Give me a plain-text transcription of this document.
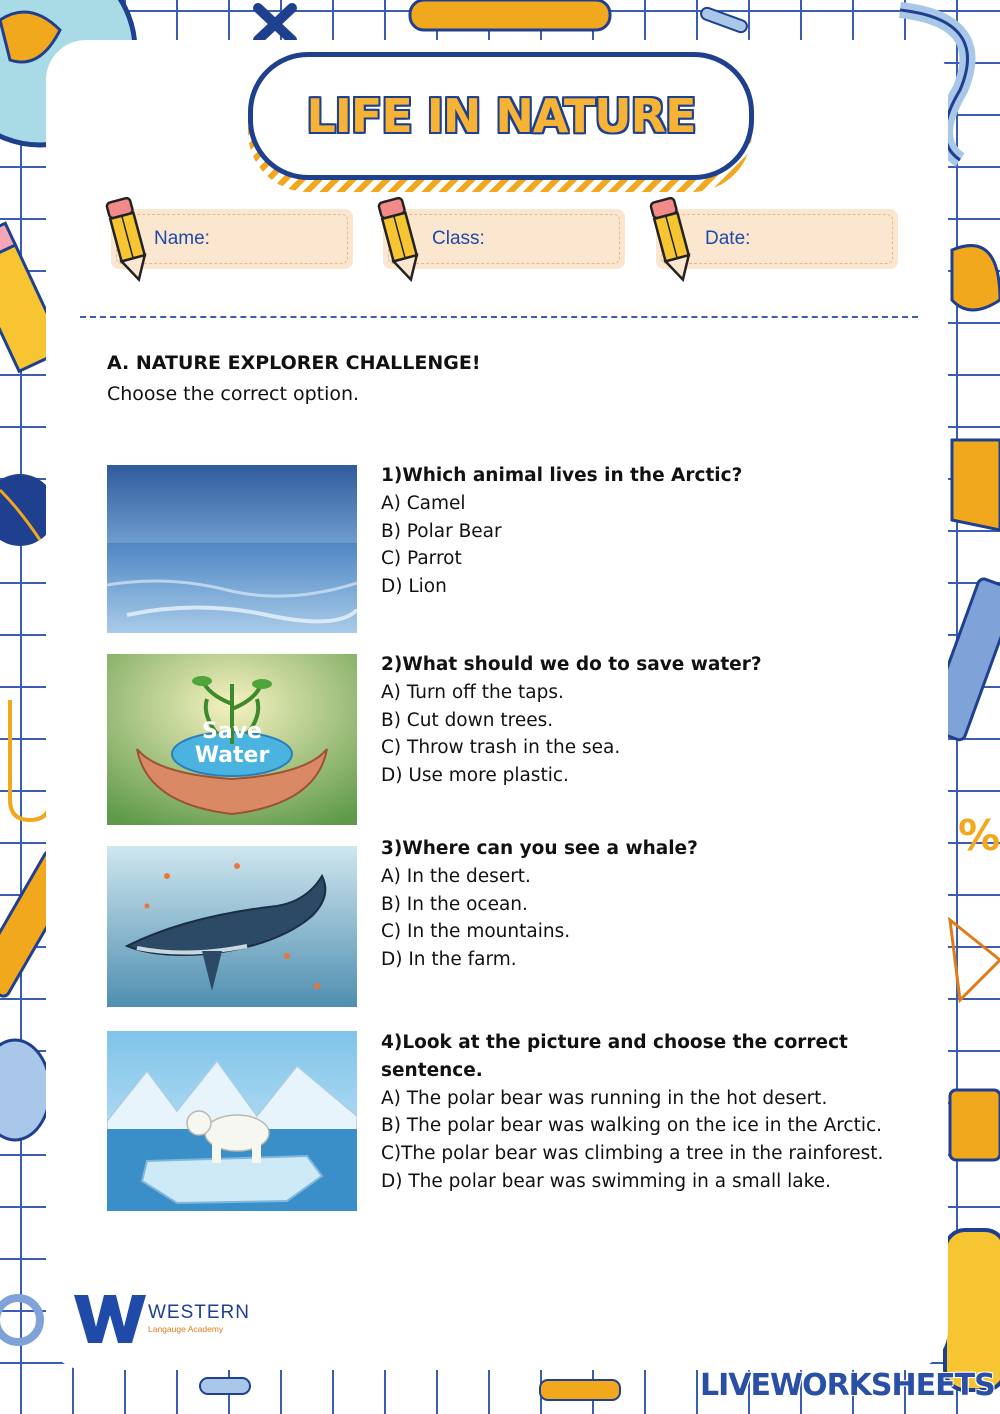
%
LIFE IN NATURE
Name:	Class:	Date:
A. NATURE EXPLORER CHALLENGE!
Choose the correct option.
Save
Water
1)Which animal lives in the Arctic?
A) Camel
B) Polar Bear
C) Parrot
D) Lion
2)What should we do to save water?
A) Turn off the taps.
B) Cut down trees.
C) Throw trash in the sea.
D) Use more plastic.
3)Where can you see a whale?
A) In the desert.
B) In the ocean.
C) In the mountains.
D) In the farm.
4)Look at the picture and choose the correct sentence.
A) The polar bear was running in the hot desert.
B) The polar bear was walking on the ice in the Arctic.
C)The polar bear was climbing a tree in the rainforest.
D) The polar bear was swimming in a small lake.
WESTERN
Langauge Academy
LIVEWORKSHEETS
